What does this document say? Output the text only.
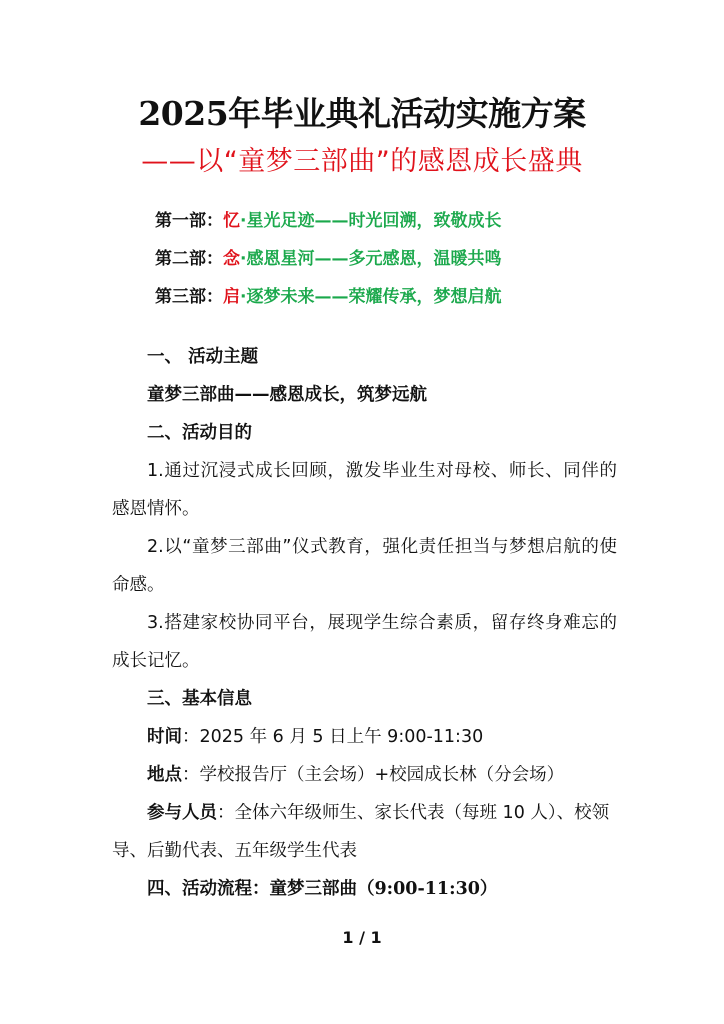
2025年毕业典礼活动实施方案
——以“童梦三部曲”的感恩成长盛典
第一部：忆·星光足迹——时光回溯，致敬成长
第二部：念·感恩星河——多元感恩，温暖共鸣
第三部：启·逐梦未来——荣耀传承，梦想启航
一、 活动主题
童梦三部曲——感恩成长，筑梦远航
二、活动目的
1.通过沉浸式成长回顾，激发毕业生对母校、师长、同伴的感恩情怀。
2.以“童梦三部曲”仪式教育，强化责任担当与梦想启航的使命感。
3.搭建家校协同平台，展现学生综合素质，留存终身难忘的成长记忆。
三、基本信息
时间：2025 年 6 月 5 日上午 9:00-11:30
地点：学校报告厅（主会场）+校园成长林（分会场）
参与人员：全体六年级师生、家长代表（每班 10 人）、校领导、后勤代表、五年级学生代表
四、活动流程：童梦三部曲（9:00-11:30）
1 / 1
